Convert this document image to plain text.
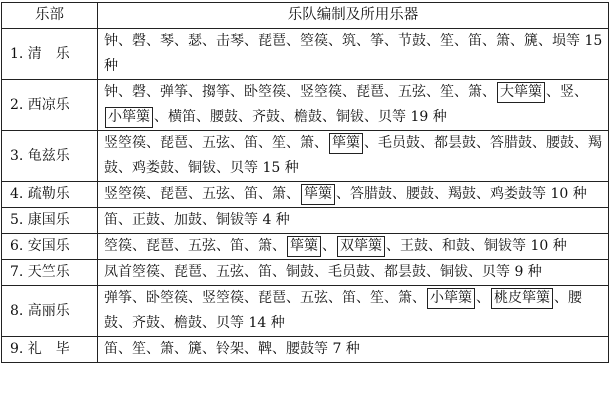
乐部	乐队编制及所用乐器
1. 清　乐	钟、磬、琴、瑟、击琴、琵琶、箜篌、筑、筝、节鼓、笙、笛、箫、篪、埙等 15 种
2. 西凉乐	钟、磬、弹筝、搊筝、卧箜篌、竖箜篌、琵琶、五弦、笙、箫、 大筚篥 、竖、小筚篥 、横笛、腰鼓、齐鼓、檐鼓、铜钹、贝等 19 种
3. 龟兹乐	竖箜篌、琵琶、五弦、笛、笙、箫、 筚篥 、毛员鼓、都昙鼓、答腊鼓、腰鼓、羯鼓、鸡娄鼓、铜钹、贝等 15 种
4. 疏勒乐	竖箜篌、琵琶、五弦、笛、箫、 筚篥 、答腊鼓、腰鼓、羯鼓、鸡娄鼓等 10 种
5. 康国乐	笛、正鼓、加鼓、铜钹等 4 种
6. 安国乐	箜篌、琵琶、五弦、笛、箫、 筚篥 、 双筚篥 、王鼓、和鼓、铜钹等 10 种
7. 天竺乐	凤首箜篌、琵琶、五弦、笛、铜鼓、毛员鼓、都昙鼓、铜钹、贝等 9 种
8. 高丽乐	弹筝、卧箜篌、竖箜篌、琵琶、五弦、笛、笙、箫、 小筚篥 、 桃皮筚篥 、腰鼓、齐鼓、檐鼓、贝等 14 种
9. 礼　毕	笛、笙、箫、篪、铃架、鞞、腰鼓等 7 种
